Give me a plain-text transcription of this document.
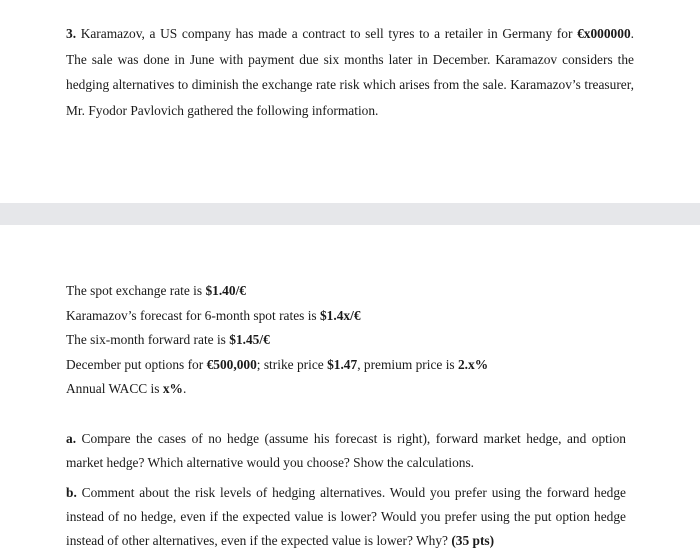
3. Karamazov, a US company has made a contract to sell tyres to a retailer in Germany for €x000000. The sale was done in June with payment due six months later in December. Karamazov considers the hedging alternatives to diminish the exchange rate risk which arises from the sale. Karamazov’s treasurer, Mr. Fyodor Pavlovich gathered the following information.

The spot exchange rate is $1.40/€
Karamazov’s forecast for 6-month spot rates is $1.4x/€
The six-month forward rate is $1.45/€
December put options for €500,000; strike price $1.47, premium price is 2.x%
Annual WACC is x%.

a. Compare the cases of no hedge (assume his forecast is right), forward market hedge, and option market hedge? Which alternative would you choose? Show the calculations.

b. Comment about the risk levels of hedging alternatives. Would you prefer using the forward hedge instead of no hedge, even if the expected value is lower? Would you prefer using the put option hedge instead of other alternatives, even if the expected value is lower? Why? (35 pts)
